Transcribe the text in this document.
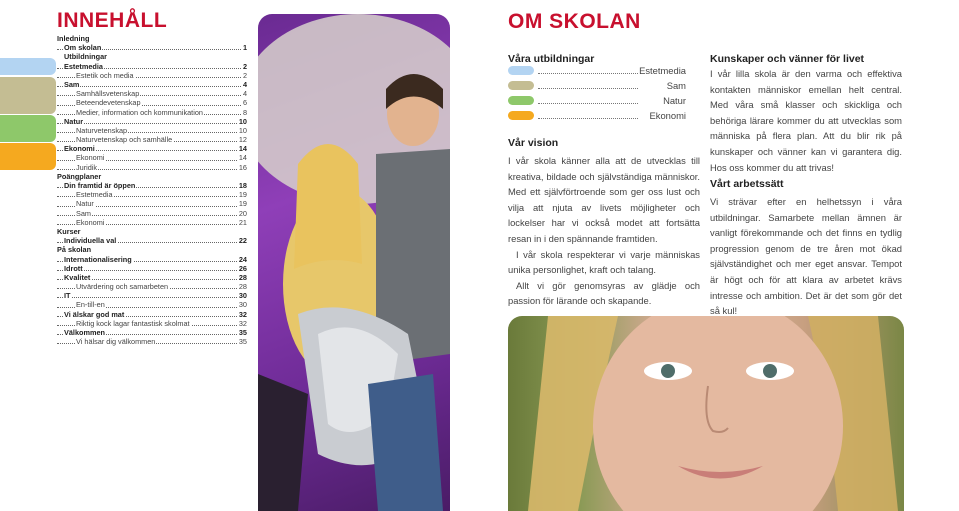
INNEHÅLL
Inledning
Om skolan	1
Utbildningar
Estetmedia	2
Estetik och media	2
Sam	4
Samhällsvetenskap	4
Beteendevetenskap	6
Medier, information och kommunikation	8
Natur	10
Naturvetenskap	10
Naturvetenskap och samhälle	12
Ekonomi	14
Ekonomi	14
Juridik	16
Poängplaner
Din framtid är öppen	18
Estetmedia	19
Natur	19
Sam	20
Ekonomi	21
Kurser
Individuella val	22
På skolan
Internationalisering	24
Idrott	26
Kvalitet	28
Utvärdering och samarbeten	28
IT	30
En-till-en	30
Vi älskar god mat	32
Riktig kock lagar fantastisk skolmat	32
Välkommen	35
Vi hälsar dig välkommen	35
OM SKOLAN
Våra utbildningar
Estetmedia
Sam
Natur
Ekonomi
Vår vision

I vår skola känner alla att de utvecklas till kreativa, bildade och självständiga människor. Med ett självförtroende som ger oss lust och vilja att njuta av livets möjligheter och lockelser har vi också modet att fortsätta resan in i den spännande framtiden.

I vår skola respekterar vi varje människas unika personlighet, kraft och talang.

Allt vi gör genomsyras av glädje och passion för lärande och skapande.

Kunskaper och vänner för livet

I vår lilla skola är den varma och effektiva kontakten människor emellan helt central. Med våra små klasser och skickliga och behöriga lärare kommer du att utvecklas som människa på flera plan. Att du blir rik på kunskaper och vänner kan vi garantera dig. Hos oss kommer du att trivas!

Vårt arbetssätt

Vi strävar efter en helhetssyn i våra utbildningar. Samarbete mellan ämnen är vanligt förekommande och det finns en tydlig progression genom de tre åren mot ökad självständighet och mer eget ansvar. Tempot är högt och för att klara av arbetet krävs intresse och ambition. Det är det som gör det så kul!
